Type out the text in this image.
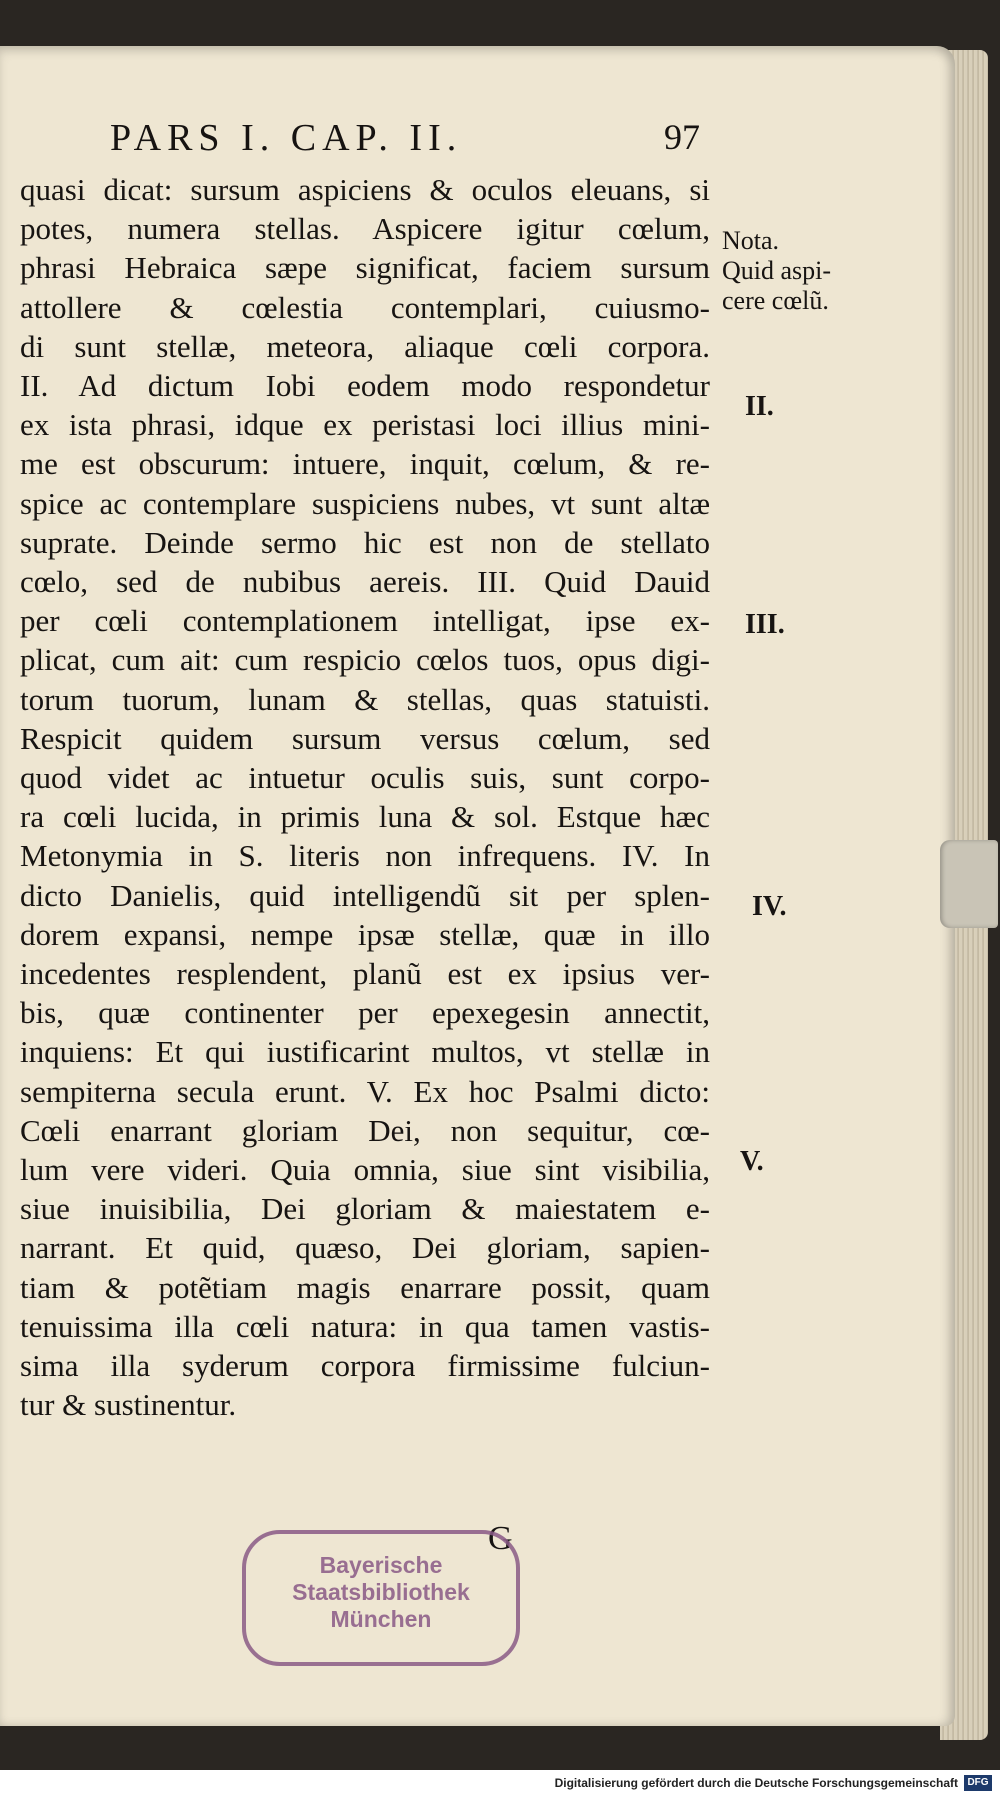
PARS I. CAP. II.	97
quasi dicat: sursum aspiciens & oculos eleuans, si
potes, numera stellas. Aspicere igitur cœlum,
phrasi Hebraica sæpe significat, faciem sursum
attollere & cœlestia contemplari, cuiusmo-
di sunt stellæ, meteora, aliaque cœli corpora.
II. Ad dictum Iobi eodem modo respondetur
ex ista phrasi, idque ex peristasi loci illius mini-
me est obscurum: intuere, inquit, cœlum, & re-
spice ac contemplare suspiciens nubes, vt sunt altæ
suprate. Deinde sermo hic est non de stellato
cœlo, sed de nubibus aereis. III. Quid Dauid
per cœli contemplationem intelligat, ipse ex-
plicat, cum ait: cum respicio cœlos tuos, opus digi-
torum tuorum, lunam & stellas, quas statuisti.
Respicit quidem sursum versus cœlum, sed
quod videt ac intuetur oculis suis, sunt corpo-
ra cœli lucida, in primis luna & sol. Estque hæc
Metonymia in S. literis non infrequens. IV. In
dicto Danielis, quid intelligendũ sit per splen-
dorem expansi, nempe ipsæ stellæ, quæ in illo
incedentes resplendent, planũ est ex ipsius ver-
bis, quæ continenter per epexegesin annectit,
inquiens: Et qui iustificarint multos, vt stellæ in
sempiterna secula erunt. V. Ex hoc Psalmi dicto:
Cœli enarrant gloriam Dei, non sequitur, cœ-
lum vere videri. Quia omnia, siue sint visibilia,
siue inuisibilia, Dei gloriam & maiestatem e-
narrant. Et quid, quæso, Dei gloriam, sapien-
tiam & potẽtiam magis enarrare possit, quam
tenuissima illa cœli natura: in qua tamen vastis-
sima illa syderum corpora firmissime fulciun-
tur & sustinentur.
Nota.
Quid aspi-
cere cœlũ.
II.
III.
IV.
V.
G
Bayerische
Staatsbibliothek
München
Digitalisierung gefördert durch die Deutsche Forschungsgemeinschaft DFG
